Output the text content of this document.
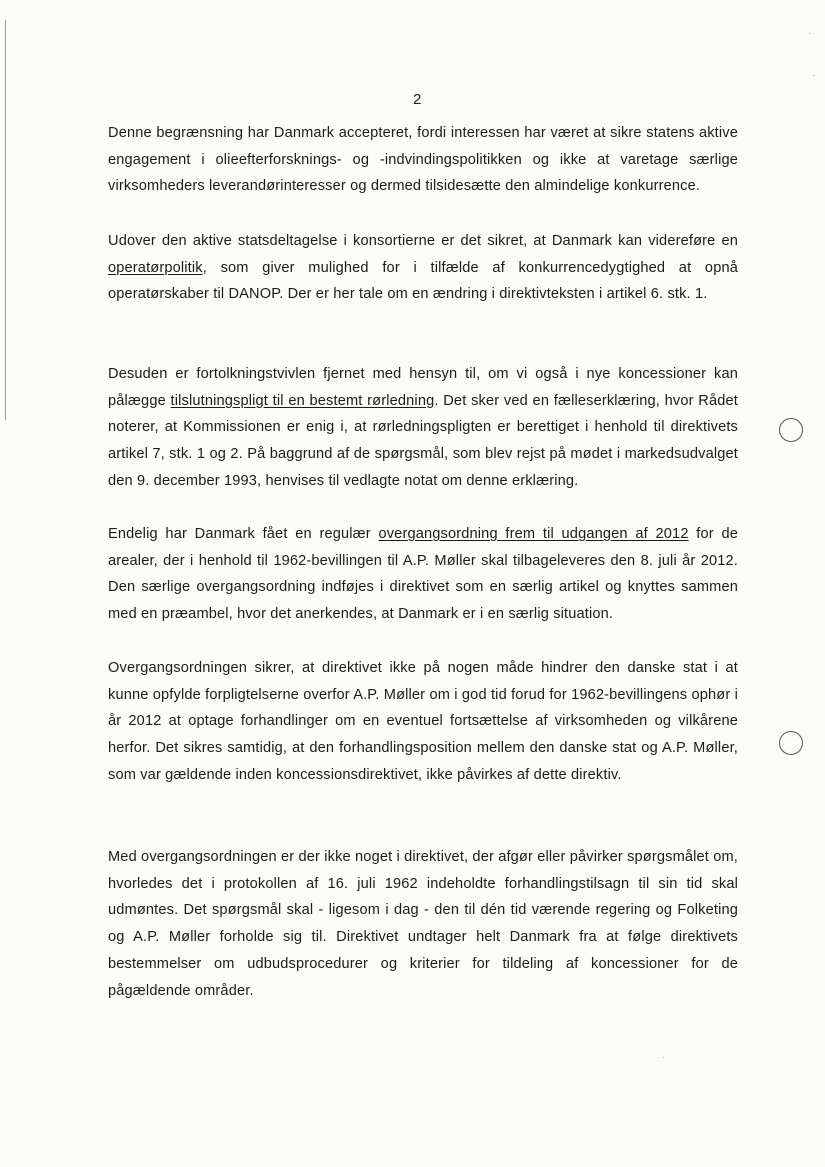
2

Denne begrænsning har Danmark accepteret, fordi interessen har været at sikre statens aktive engagement i olieefterforsknings- og -indvindingspolitikken og ikke at varetage særlige virksomheders leverandørinteresser og dermed tilsidesætte den almindelige konkurrence.

Udover den aktive statsdeltagelse i konsortierne er det sikret, at Danmark kan videreføre en operatørpolitik, som giver mulighed for i tilfælde af konkurrencedygtighed at opnå operatørskaber til DANOP. Der er her tale om en ændring i direktivteksten i artikel 6. stk. 1.

Desuden er fortolkningstvivlen fjernet med hensyn til, om vi også i nye koncessioner kan pålægge tilslutningspligt til en bestemt rørledning. Det sker ved en fælleserklæring, hvor Rådet noterer, at Kommissionen er enig i, at rørledningspligten er berettiget i henhold til direktivets artikel 7, stk. 1 og 2. På baggrund af de spørgsmål, som blev rejst på mødet i markedsudvalget den 9. december 1993, henvises til vedlagte notat om denne erklæring.

Endelig har Danmark fået en regulær overgangsordning frem til udgangen af 2012 for de arealer, der i henhold til 1962-bevillingen til A.P. Møller skal tilbageleveres den 8. juli år 2012. Den særlige overgangsordning indføjes i direktivet som en særlig artikel og knyttes sammen med en præambel, hvor det anerkendes, at Danmark er i en særlig situation.

Overgangsordningen sikrer, at direktivet ikke på nogen måde hindrer den danske stat i at kunne opfylde forpligtelserne overfor A.P. Møller om i god tid forud for 1962-bevillingens ophør i år 2012 at optage forhandlinger om en eventuel fortsættelse af virksomheden og vilkårene herfor. Det sikres samtidig, at den forhandlingsposition mellem den danske stat og A.P. Møller, som var gældende inden koncessionsdirektivet, ikke påvirkes af dette direktiv.

Med overgangsordningen er der ikke noget i direktivet, der afgør eller påvirker spørgsmålet om, hvorledes det i protokollen af 16. juli 1962 indeholdte forhandlingstilsagn til sin tid skal udmøntes. Det spørgsmål skal - ligesom i dag - den til dén tid værende regering og Folketing og A.P. Møller forholde sig til. Direktivet undtager helt Danmark fra at følge direktivets bestemmelser om udbudsprocedurer og kriterier for tildeling af koncessioner for de pågældende områder.

·
·
·
